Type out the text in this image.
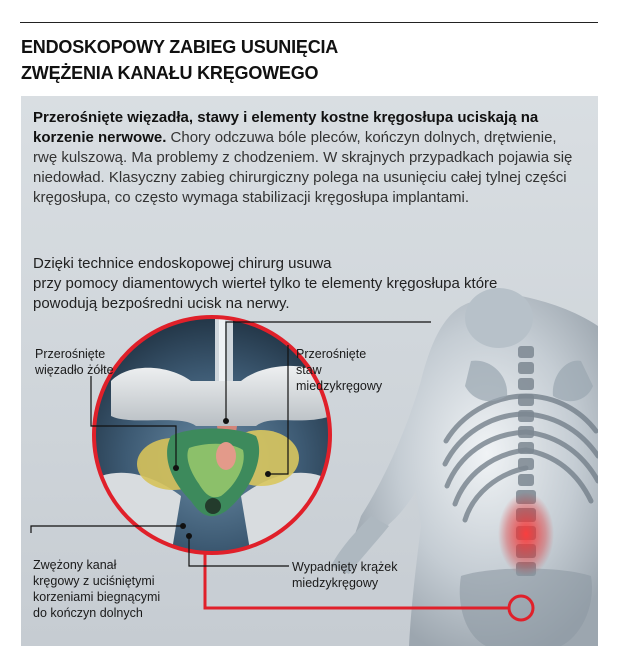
ENDOSKOPOWY ZABIEG USUNIĘCIA
ZWĘŻENIA KANAŁU KRĘGOWEGO

Przerośnięte więzadła, stawy i elementy kostne kręgosłupa uciskają na korzenie nerwowe. Chory odczuwa bóle pleców, kończyn dolnych, drętwienie, rwę kulszową. Ma problemy z chodzeniem. W skrajnych przypadkach pojawia się niedowład. Klasyczny zabieg chirurgiczny polega na usunięciu całej tylnej części kręgosłupa, co często wymaga stabilizacji kręgosłupa implantami.

Dzięki technice endoskopowej chirurg usuwa
przy pomocy diamentowych wierteł tylko te elementy kręgosłupa które
powodują bezpośredni ucisk na nerwy.

Przerośnięte
więzadło żółte

Przerośnięte
staw
miedzykręgowy

Zwężony kanał
kręgowy z uciśniętymi
korzeniami biegnącymi
do kończyn dolnych

Wypadnięty krążek
miedzykręgowy
